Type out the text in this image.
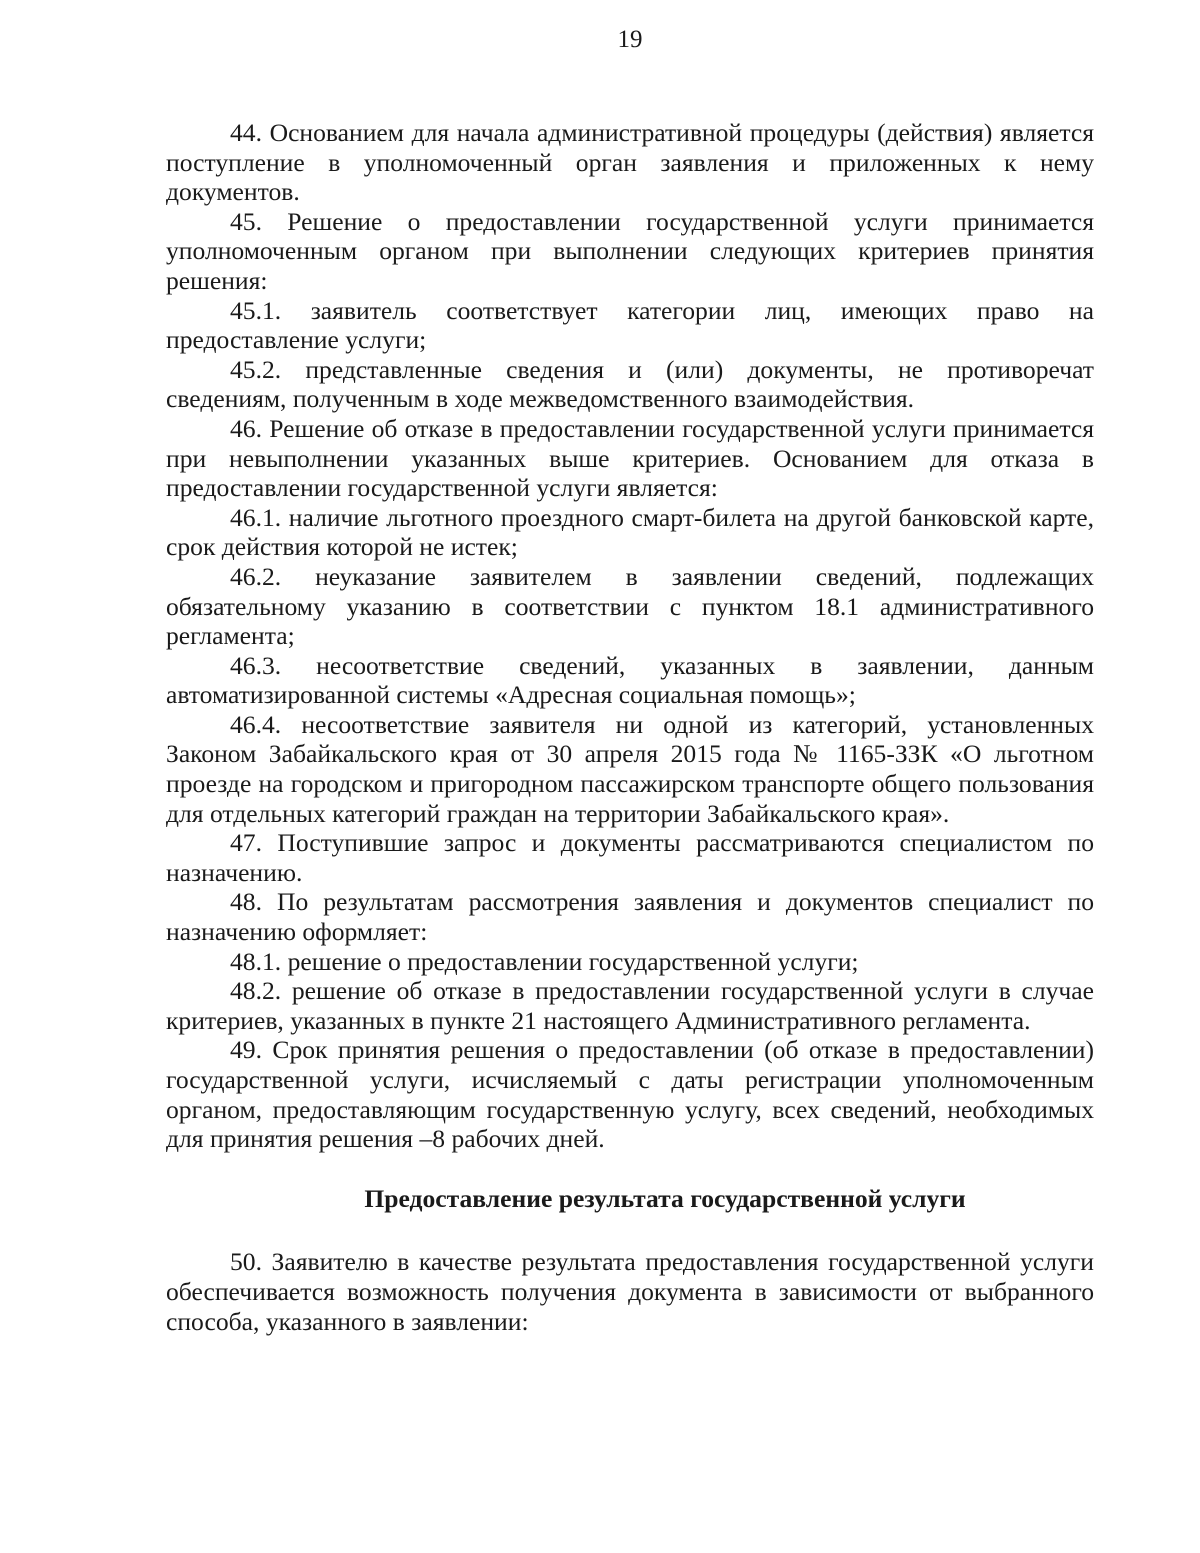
19

44. Основанием для начала административной процедуры (действия) является поступление в уполномоченный орган заявления и приложенных к нему документов.

45. Решение о предоставлении государственной услуги принимается уполномоченным органом при выполнении следующих критериев принятия решения:

45.1. заявитель соответствует категории лиц, имеющих право на предоставление услуги;

45.2. представленные сведения и (или) документы, не противоречат сведениям, полученным в ходе межведомственного взаимодействия.

46. Решение об отказе в предоставлении государственной услуги принимается при невыполнении указанных выше критериев. Основанием для отказа в предоставлении государственной услуги является:

46.1. наличие льготного проездного смарт-билета на другой банковской карте, срок действия которой не истек;

46.2. неуказание заявителем в заявлении сведений, подлежащих обязательному указанию в соответствии с пунктом 18.1 административного регламента;

46.3. несоответствие сведений, указанных в заявлении, данным автоматизированной системы «Адресная социальная помощь»;

46.4. несоответствие заявителя ни одной из категорий, установленных Законом Забайкальского края от 30 апреля 2015 года № 1165-ЗЗК «О льготном проезде на городском и пригородном пассажирском транспорте общего пользования для отдельных категорий граждан на территории Забайкальского края».

47. Поступившие запрос и документы рассматриваются специалистом по назначению.

48. По результатам рассмотрения заявления и документов специалист по назначению оформляет:

48.1. решение о предоставлении государственной услуги;

48.2. решение об отказе в предоставлении государственной услуги в случае критериев, указанных в пункте 21 настоящего Административного регламента.

49. Срок принятия решения о предоставлении (об отказе в предоставлении) государственной услуги, исчисляемый с даты регистрации уполномоченным органом, предоставляющим государственную услугу, всех сведений, необходимых для принятия решения –8 рабочих дней.

Предоставление результата государственной услуги

50. Заявителю в качестве результата предоставления государственной услуги обеспечивается возможность получения документа в зависимости от выбранного способа, указанного в заявлении:
